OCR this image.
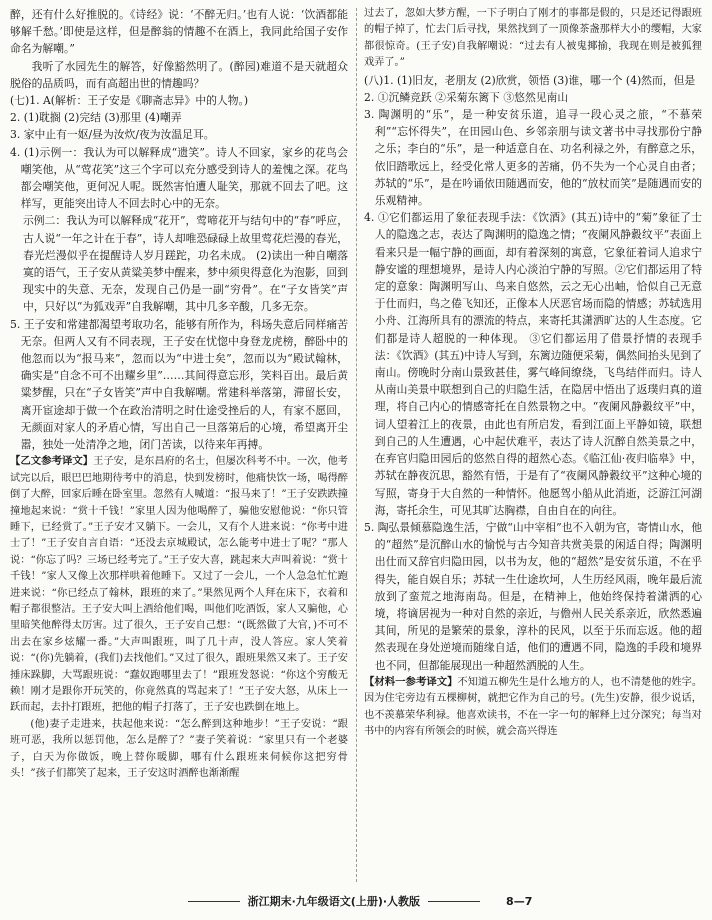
醉，还有什么好推脱的。《诗经》说：‘不醉无归。’也有人说：‘饮酒都能够解千愁。’即使是这样，但是醉翁的情趣不在酒上，我同此给国子安作命名为解嘲。”

我听了水园先生的解答，好像豁然明了。(醉园)难道不是天就超众脱俗的品质吗，而有高超出世的情趣吗？

(七)1. A(解析：王子安是《聊斋志异》中的人物。)

2. (1)耽搁 (2)完结 (3)那里 (4)嘲弄

3. 家中止有一妪/昼为汝炊/夜为汝温足耳。

4. (1)示例一：我认为可以解释成“遗笑”。诗人不回家，家乡的花鸟会嘲笑他，从“莺花笑”这三个字可以充分感受到诗人的羞愧之深。花鸟都会嘲笑他，更何况人呢。既然害怕遭人耻笑，那就不回去了吧。这样写，更能突出诗人不回去时心中的无奈。

示例二：我认为可以解释成“花开”，莺啼花开与结句中的“春”呼应，古人说“一年之计在于春”，诗人却唯恐碌碌上故里莺花烂漫的春光，春光烂漫似乎在提醒诗人岁月蹉跎，功名未成。 (2)读出一种自嘲落寞的语气，王子安从黄粱美梦中醒来，梦中须臾得意化为泡影，回到现实中的失意、无奈，发现自己仍是一副“穷骨”。在“子女皆笑”声中，只好以“为狐戏弄”自我解嘲，其中几多辛酸，几多无奈。

5. 王子安和常建都渴望考取功名，能够有所作为，科场失意后同样痛苦无奈。但两人又有不同表现，王子安在忧惚中身登龙虎榜，醉卧中的他忽而以为“报马来”，忽而以为“中进士矣”，忽而以为“殿试翰林，确实是“自念不可不出耀乡里”……其间得意忘形，笑料百出。最后黄粱梦醒，只在“子女皆笑”声中自我解嘲。常建科举落第，滞留长安，离开宦途却于做一个在政治清明之时仕途受挫后的人，有家不愿回，无颜面对家人的矛盾心情，写出自己一旦落第后的心境，希望离开尘嚣，独处一处清净之地，闭门苦读，以待来年再搏。

【乙文参考译文】王子安，是东昌府的名士，但屡次科考不中。一次，他考试完以后，眼巴巴地期待考中的消息，快到发榜时，他痛快饮一场，喝得醉倒了大醉，回家后睡在卧室里。忽然有人喊道：“报马来了！”王子安跌跌撞撞地起来说：“赏十千钱！”家里人因为他喝醉了，骗他安慰他说：“你只管睡下，已经赏了。”王子安才又躺下。一会儿，又有个人进来说：“你考中进士了！”王子安自言自语：“还没去京城殿试，怎么能考中进士了呢？”那人说：“你忘了吗？三场已经考完了。”王子安大喜，跳起来大声叫着说：“赏十千钱！”家人又像上次那样哄着他睡下。又过了一会儿，一个人急急忙忙跑进来说：“你已经点了翰林，跟班的来了。”果然见两个人拜在床下，衣着和帽子都很整洁。王子安大叫上酒给他们喝，叫他们吃酒饭，家人又骗他，心里暗笑他醉得太厉害。过了很久，王子安自己想：“(既然做了大官，)不可不出去在家乡炫耀一番。”大声叫跟班，叫了几十声，没人答应。家人笑着说：“(你)先躺着，(我们)去找他们。”又过了很久，跟班果然又来了。王子安捶床跺脚，大骂跟班说：“蠢奴跑哪里去了！”跟班发怒说：“你这个穷酸无赖！刚才是跟你开玩笑的，你竟然真的骂起来了！”王子安大怒，从床上一跃而起，去扑打跟班，把他的帽子打落了，王子安也跌倒在地上。

(他)妻子走进来，扶起他来说：“怎么醉到这种地步！”王子安说：“跟班可恶，我所以惩罚他，怎么是醉了？”妻子笑着说：“家里只有一个老婆子，白天为你做饭，晚上替你暖脚，哪有什么跟班来伺候你这把穷骨头！”孩子们都笑了起来，王子安这时酒醉也渐渐醒

过去了，忽如大梦方醒，一下子明白了刚才的事都是假的，只是还记得跟班的帽子掉了，忙去门后寻找，果然找到了一顶像茶盏那样大小的缨帽，大家都很惊奇。(王子安)自我解嘲说：“过去有人被鬼揶揄，我现在则是被狐狸戏弄了。”

(八)1. (1)旧友，老朋友 (2)欣赏，领悟 (3)谁，哪一个 (4)然而，但是

2. ①沉鳞竞跃 ②采菊东篱下 ③悠然见南山

3. 陶渊明的“乐”，是一种安贫乐道，追寻一段心灵之旅，“不慕荣利”“忘怀得失”，在田园山色、乡邻亲朋与读文著书中寻找那份宁静之乐；李白的“乐”，是一种适意自在、功名利禄之外，有醉意之乐，依旧踏歌远上，经受化常人更多的苦痛，仍不失为一个心灵自由者；苏轼的“乐”，是在吟诵依田随遇而安，他的“放杖而笑”是随遇而安的乐观精神。

4. ①它们都运用了象征表现手法：《饮酒》(其五)诗中的“菊”象征了士人的隐逸之志，表达了陶渊明的隐逸之情；“夜阑风静縠纹平”表面上看来只是一幅宁静的画面，却有着深刻的寓意，它象征着词人追求宁静安谧的理想境界，是诗人内心淡泊宁静的写照。②它们都运用了特定的意象：陶渊明写山、鸟来自悠然，云之无心出岫，恰似自己无意于仕而归，鸟之倦飞知还，正像本人厌恶官场而隐的情感；苏轼选用小舟、江海所具有的漂流的特点，来寄托其潇洒旷达的人生态度。它们都是诗人超脱的一种体现。 ③它们都运用了借景抒情的表现手法：《饮酒》(其五)中诗人写到，东篱边随便采菊，偶然间抬头见到了南山。傍晚时分南山景致甚佳，雾气峰间缭绕，飞鸟结伴而归。诗人从南山美景中联想到自己的归隐生活，在隐居中悟出了返璞归真的道理，将自己内心的情感寄托在自然景物之中。“夜阑风静縠纹平”中，词人望着江上的夜景，由此也有所启发，看到江面上平静如镜，联想到自己的人生遭遇，心中起伏难平，表达了诗人沉醉自然美景之中，在弃官归隐田园后的悠然自得的超然心态。《临江仙·夜归临皋》中，苏轼在静夜沉思，豁然有悟，于是有了“夜阑风静縠纹平”这种心境的写照，寄身于大自然的一种情怀。他愿驾小船从此消逝，泛游江河湖海，寄托余生，可见其旷达胸襟，自由自在的向往。

5. 陶弘景倾慕隐逸生活，宁做“山中宰相”也不入朝为官，寄情山水，他的“超然”是沉醉山水的愉悦与古今知音共赏美景的闲适自得；陶渊明出仕而又辞官归隐田园，以书为友，他的“超然”是安贫乐道，不在乎得失，能自娱自乐；苏轼一生仕途坎坷，人生历经风雨，晚年最后流放到了蛮荒之地海南岛。但是，在精神上，他始终保持着潇洒的心境，将谪居视为一种对自然的亲近，与儋州人民关系亲近，欣然悉遍其间，所见的是繁荣的景象，淳朴的民风，以至于乐而忘返。他的超然表现在身处逆境而随缘自适，他们的遭遇不同，隐逸的手段和境界也不同，但都能展现出一种超然洒脱的人生。

【材料一参考译文】不知道五柳先生是什么地方的人，也不清楚他的姓字。因为住宅旁边有五棵柳树，就把它作为自己的号。(先生)安静，很少说话，也不羡慕荣华利禄。他喜欢读书，不在一字一句的解释上过分深究；每当对书中的内容有所领会的时候，就会高兴得连

浙江期末·九年级语文(上册)·人教版	8—7
